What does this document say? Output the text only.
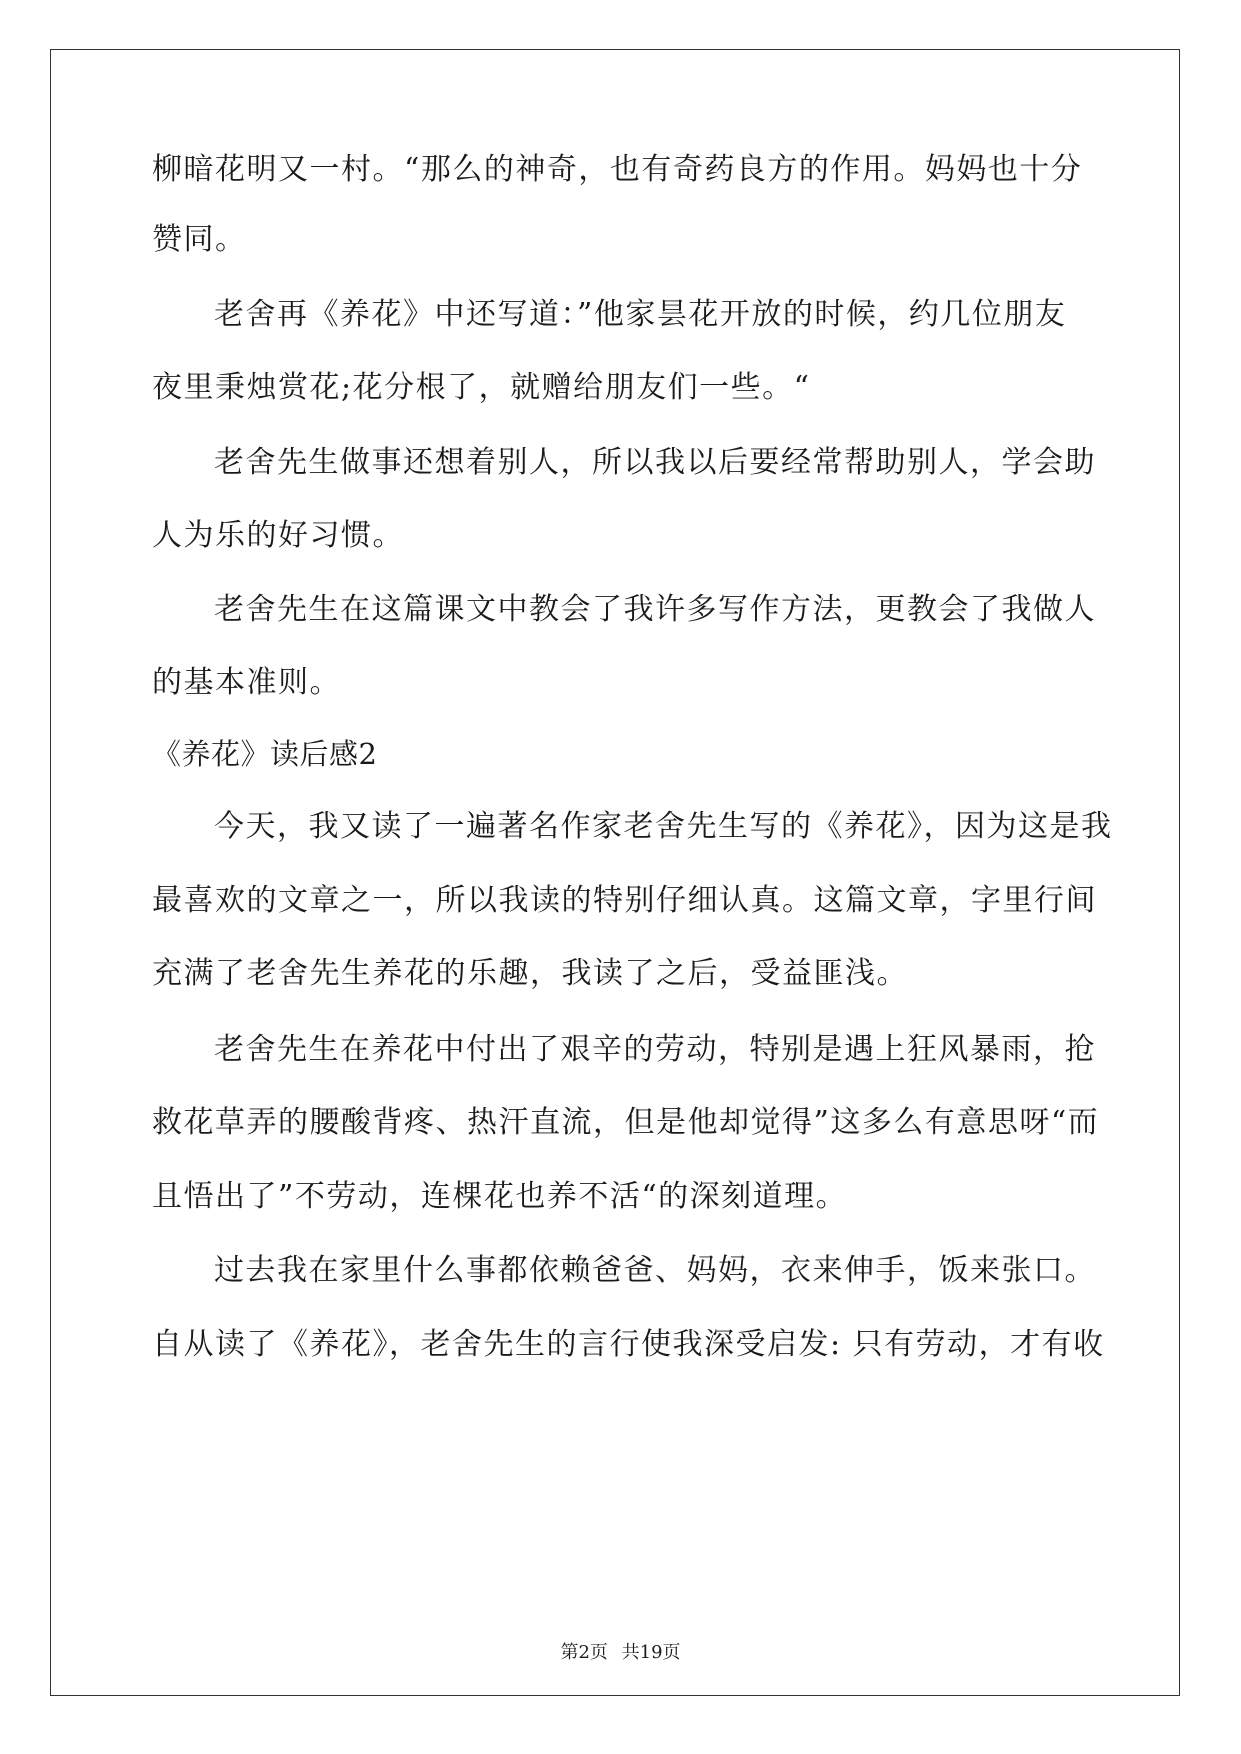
柳暗花明又一村。“那么的神奇，也有奇药良方的作用。妈妈也十分
赞同。
老舍再《养花》中还写道：”他家昙花开放的时候，约几位朋友
夜里秉烛赏花;花分根了，就赠给朋友们一些。“
老舍先生做事还想着别人，所以我以后要经常帮助别人，学会助
人为乐的好习惯。
老舍先生在这篇课文中教会了我许多写作方法，更教会了我做人
的基本准则。
《养花》读后感2
今天，我又读了一遍著名作家老舍先生写的《养花》，因为这是我
最喜欢的文章之一，所以我读的特别仔细认真。这篇文章，字里行间
充满了老舍先生养花的乐趣，我读了之后，受益匪浅。
老舍先生在养花中付出了艰辛的劳动，特别是遇上狂风暴雨，抢
救花草弄的腰酸背疼、热汗直流，但是他却觉得”这多么有意思呀“而
且悟出了”不劳动，连棵花也养不活“的深刻道理。
过去我在家里什么事都依赖爸爸、妈妈，衣来伸手，饭来张口。
自从读了《养花》，老舍先生的言行使我深受启发: 只有劳动，才有收
第2页 共19页
